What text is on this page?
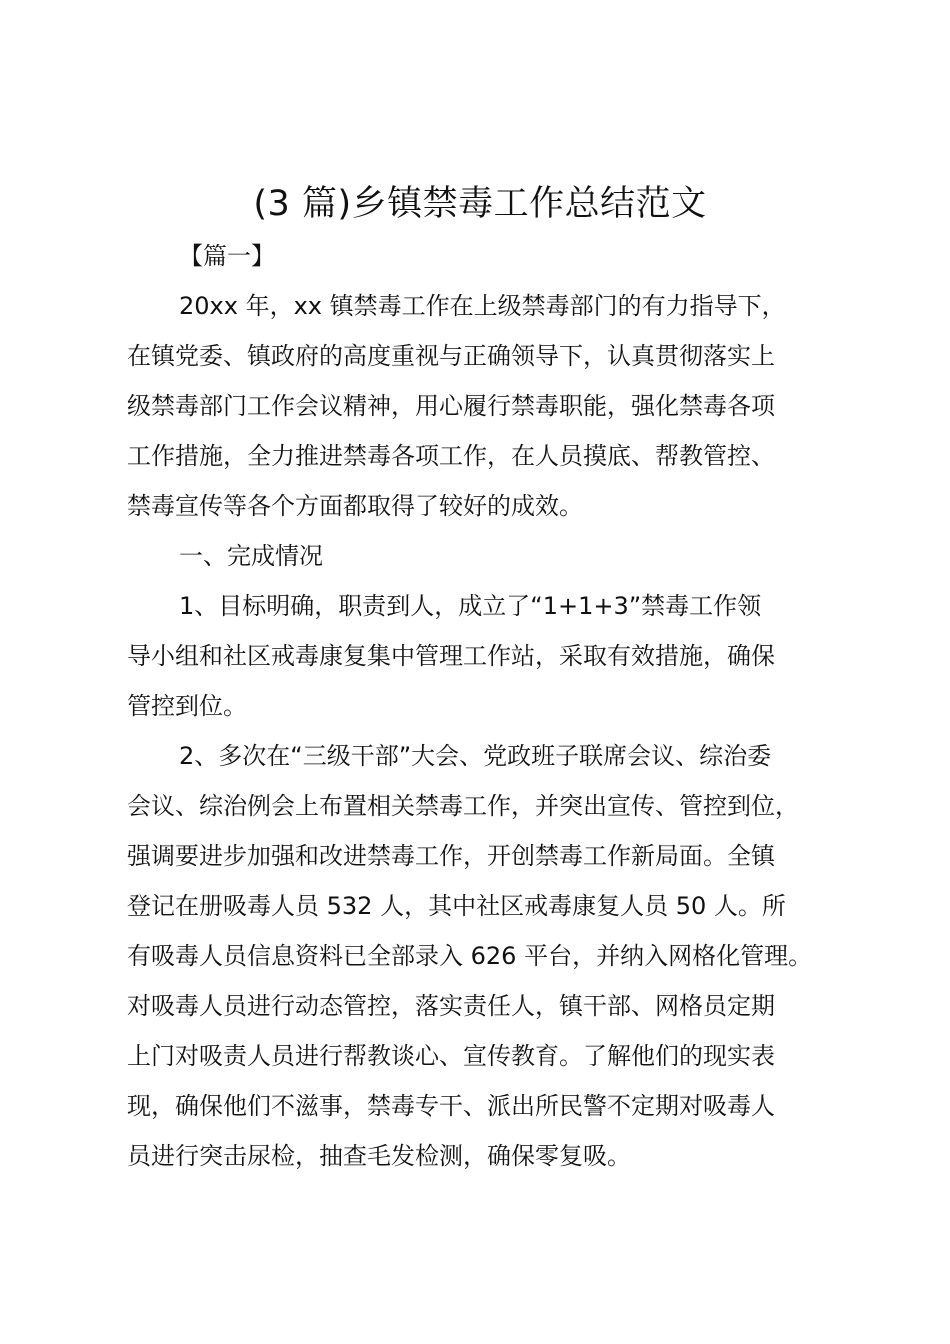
(3 篇)乡镇禁毒工作总结范文
【篇一】
20xx 年，xx 镇禁毒工作在上级禁毒部门的有力指导下，
在镇党委、镇政府的高度重视与正确领导下，认真贯彻落实上
级禁毒部门工作会议精神，用心履行禁毒职能，强化禁毒各项
工作措施，全力推进禁毒各项工作，在人员摸底、帮教管控、
禁毒宣传等各个方面都取得了较好的成效。
一、完成情况
1、目标明确，职责到人，成立了“1+1+3”禁毒工作领
导小组和社区戒毒康复集中管理工作站，采取有效措施，确保
管控到位。
2、多次在“三级干部”大会、党政班子联席会议、综治委
会议、综治例会上布置相关禁毒工作，并突出宣传、管控到位，
强调要进步加强和改进禁毒工作，开创禁毒工作新局面。全镇
登记在册吸毒人员 532 人，其中社区戒毒康复人员 50 人。所
有吸毒人员信息资料已全部录入 626 平台，并纳入网格化管理。
对吸毒人员进行动态管控，落实责任人，镇干部、网格员定期
上门对吸责人员进行帮教谈心、宣传教育。了解他们的现实表
现，确保他们不滋事，禁毒专干、派出所民警不定期对吸毒人
员进行突击尿检，抽查毛发检测，确保零复吸。
